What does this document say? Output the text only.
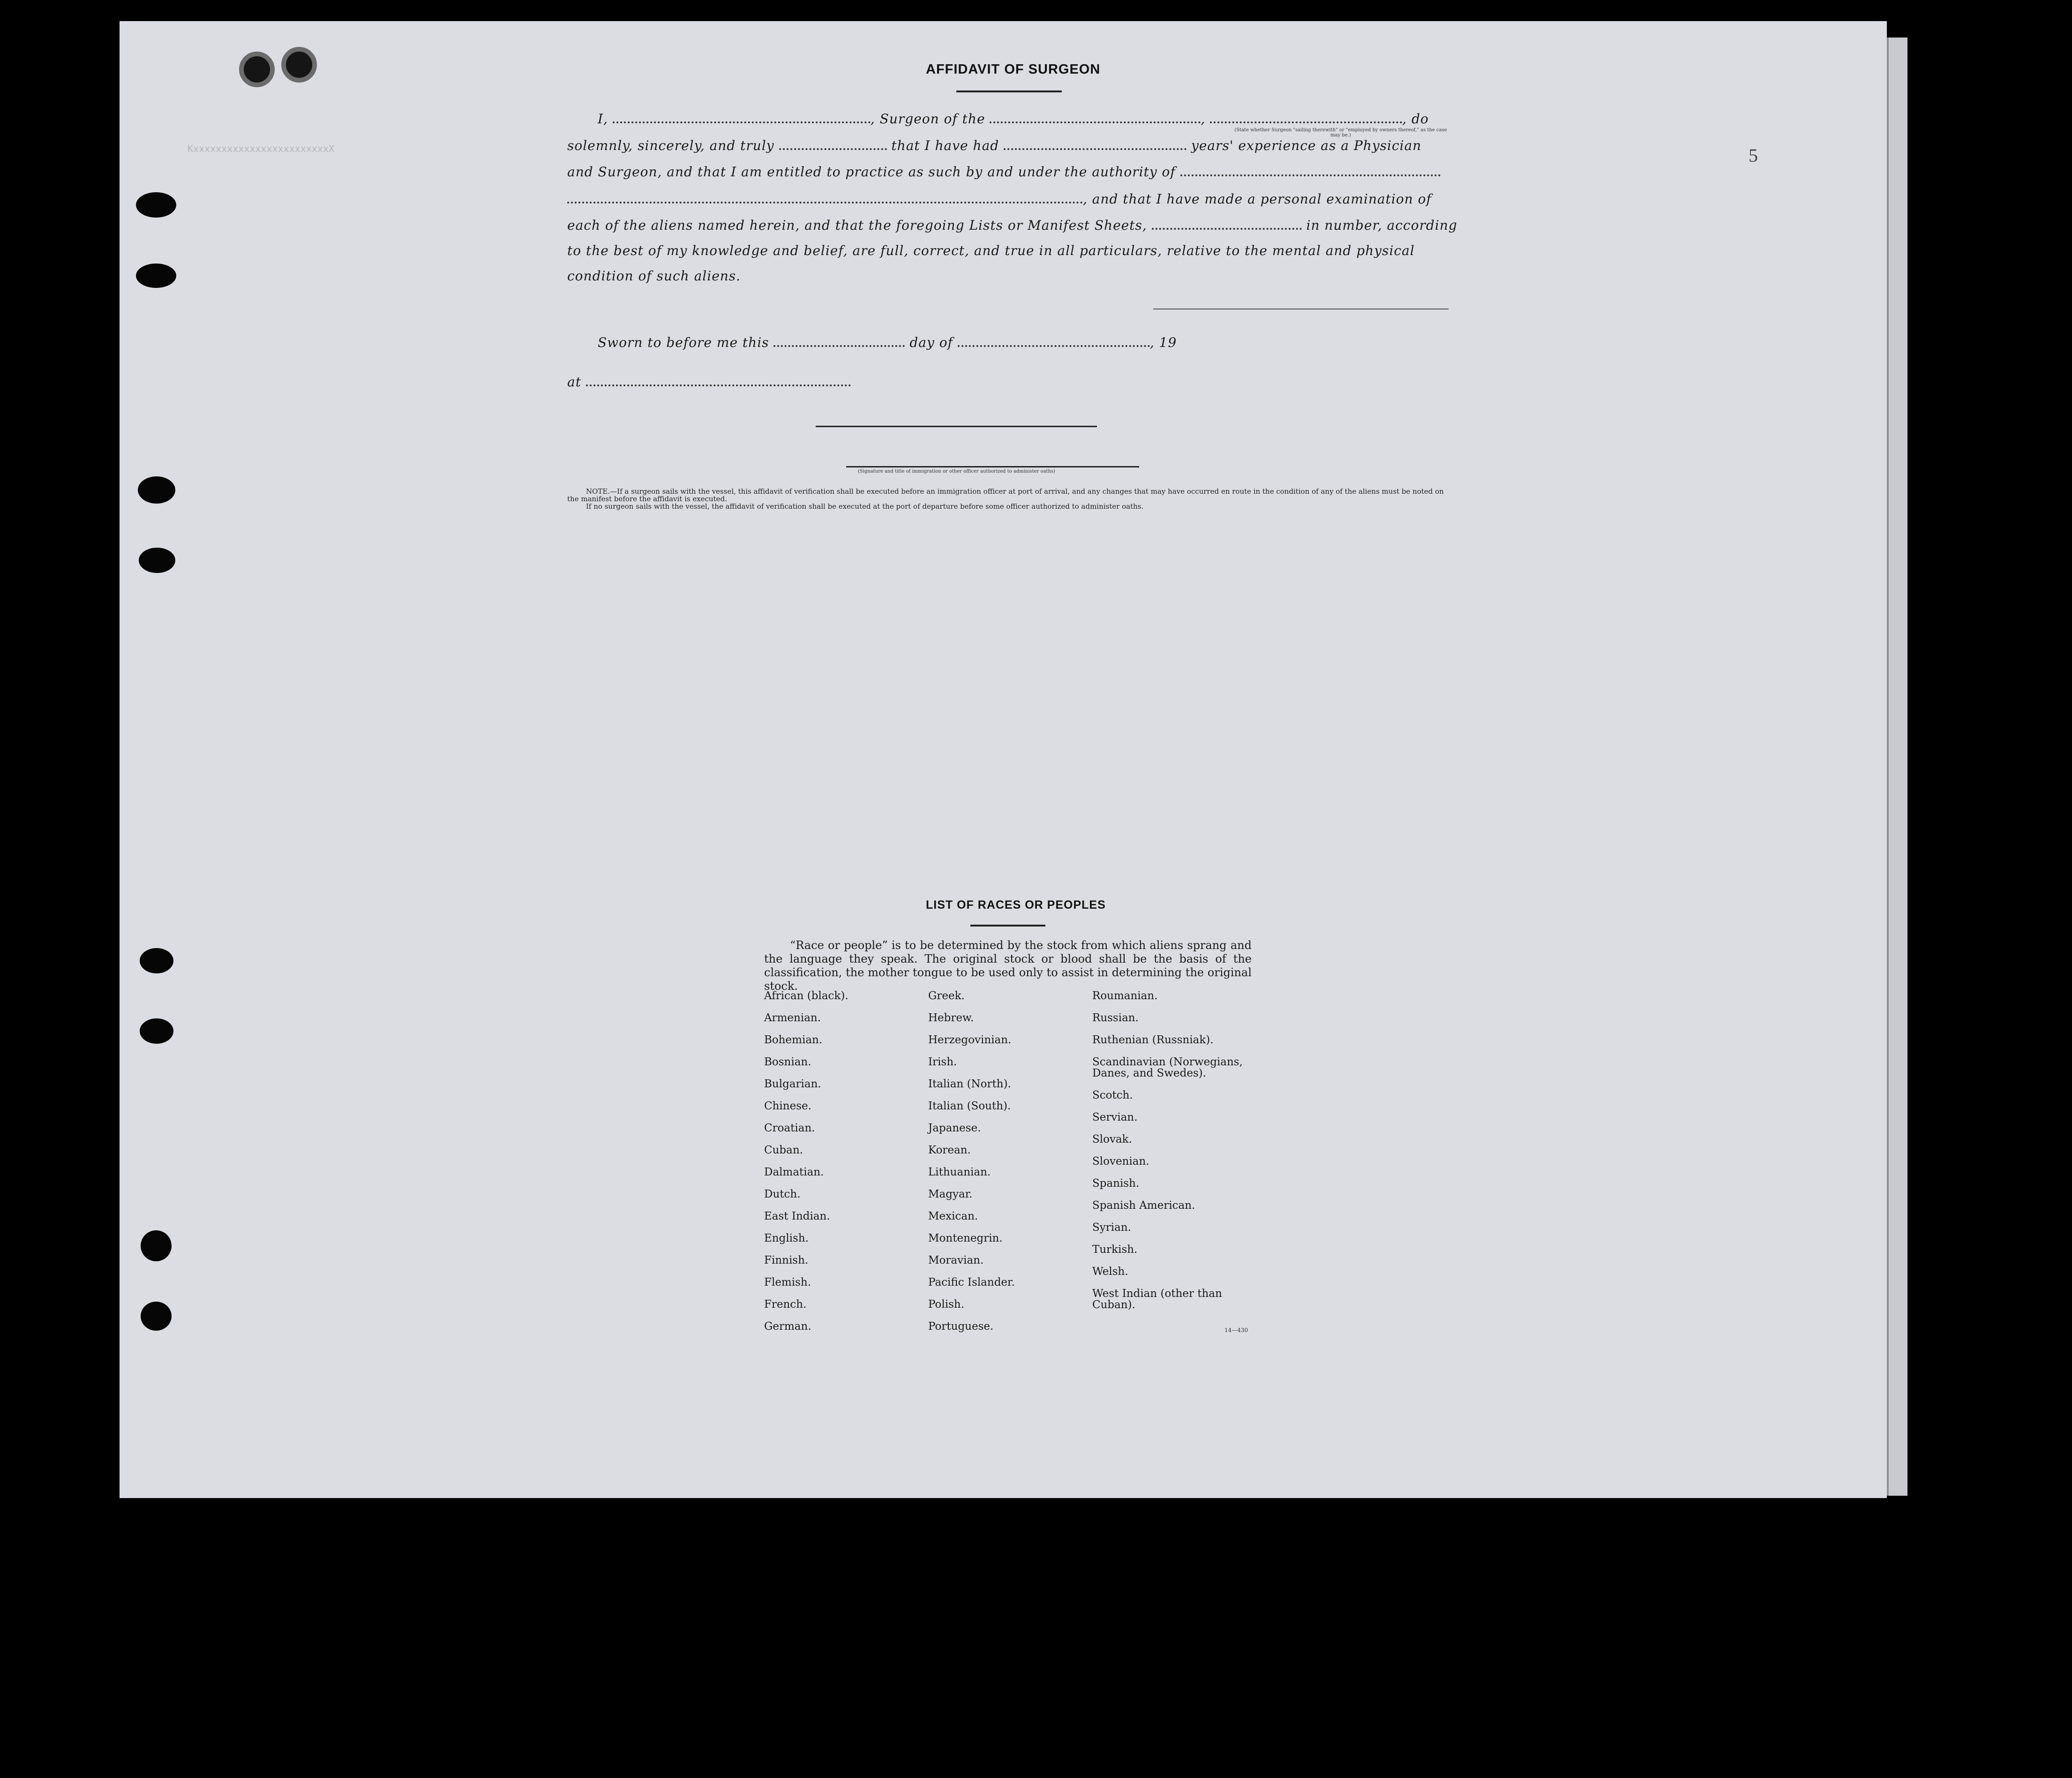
KxxxxxxxxxxxxxxxxxxxxxxxxX

AFFIDAVIT OF SURGEON
I,	, Surgeon of the	,	, do
(State whether Surgeon "sailing therewith" or "employed by owners thereof," as the case may be.)
solemnly, sincerely, and truly	that I have had	years' experience as a Physician
and Surgeon, and that I am entitled to practice as such by and under the authority of
, and that I have made a personal examination of
each of the aliens named herein, and that the foregoing Lists or Manifest Sheets,	in number, according
to the best of my knowledge and belief, are full, correct, and true in all particulars, relative to the mental and physical
condition of such aliens.
Sworn to before me this	day of	, 19
at
(Signature and title of immigration or other officer authorized to administer oaths)
NOTE.—If a surgeon sails with the vessel, this affidavit of verification shall be executed before an immigration officer at port of arrival, and any changes that may have occurred en route in the condition of any of the aliens must be noted on the manifest before the affidavit is executed.
If no surgeon sails with the vessel, the affidavit of verification shall be executed at the port of departure before some officer authorized to administer oaths.
5
LIST OF RACES OR PEOPLES
“Race or people” is to be determined by the stock from which aliens sprang and the language they speak. The original stock or blood shall be the basis of the classification, the mother tongue to be used only to assist in determining the original stock.
African (black).
Armenian.
Bohemian.
Bosnian.
Bulgarian.
Chinese.
Croatian.
Cuban.
Dalmatian.
Dutch.
East Indian.
English.
Finnish.
Flemish.
French.
German.
Greek.
Hebrew.
Herzegovinian.
Irish.
Italian (North).
Italian (South).
Japanese.
Korean.
Lithuanian.
Magyar.
Mexican.
Montenegrin.
Moravian.
Pacific Islander.
Polish.
Portuguese.
Roumanian.
Russian.
Ruthenian (Russniak).
Scandinavian (Norwegians, Danes, and Swedes).
Scotch.
Servian.
Slovak.
Slovenian.
Spanish.
Spanish American.
Syrian.
Turkish.
Welsh.
West Indian (other than Cuban).
14—430
